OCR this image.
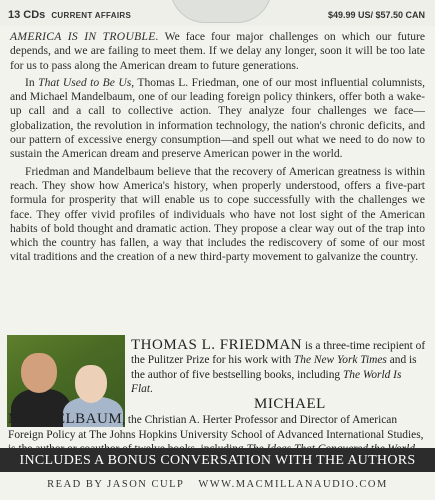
13 CDs CURRENT AFFAIRS	$49.99 US/ $57.50 CAN

AMERICA IS IN TROUBLE. We face four major challenges on which our future depends, and we are failing to meet them. If we delay any longer, soon it will be too late for us to pass along the American dream to future generations.

In That Used to Be Us, Thomas L. Friedman, one of our most influential columnists, and Michael Mandelbaum, one of our leading foreign policy thinkers, offer both a wake-up call and a call to collective action. They analyze four challenges we face—globalization, the revolution in information technology, the nation's chronic deficits, and our pattern of excessive energy consumption—and spell out what we need to do now to sustain the American dream and preserve American power in the world.

Friedman and Mandelbaum believe that the recovery of American greatness is within reach. They show how America's history, when properly understood, offers a five-part formula for prosperity that will enable us to cope successfully with the challenges we face. They offer vivid profiles of individuals who have not lost sight of the American habits of bold thought and dramatic action. They propose a clear way out of the trap into which the country has fallen, a way that includes the rediscovery of some of our most vital traditions and the creation of a new third-party movement to galvanize the country.

THOMAS L. FRIEDMAN is a three-time recipient of the Pulitzer Prize for his work with The New York Times and is the author of five bestselling books, including The World Is Flat.
MICHAEL MANDELBAUM, the Christian A. Herter Professor and Director of American Foreign Policy at The Johns Hopkins University School of Advanced International Studies,
INCLUDES A BONUS CONVERSATION WITH THE AUTHORS
READ BY JASON CULP WWW.MACMILLANAUDIO.COM
